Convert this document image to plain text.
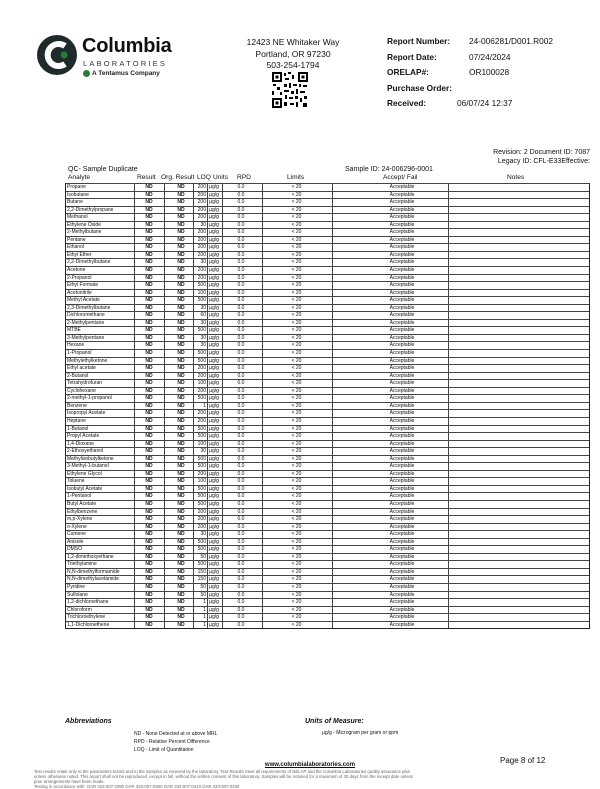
Columbia
LABORATORIES
A Tentamus Company
12423 NE Whitaker Way
Portland, OR 97230
503-254-1794
Report Number: 24-006281/D001.R002
Report Date:	07/24/2024
ORELAP#:	OR100028
Purchase Order:
Received:	06/07/24 12:37
Revision: 2 Document ID: 7087
Legacy ID: CFL-E33Effective:
QC- Sample Duplicate	Sample ID: 24-006296-0001
Analyte	Result Org. Result LOQ Units RPD	Limits	Accept/ Fail	Notes
Propane	ND	ND	200 µg/g	0.0	< 20	Acceptable
Isobutane	ND	ND	200 µg/g	0.0	< 20	Acceptable
Butane	ND	ND	200 µg/g	0.0	< 20	Acceptable
2,2-Dimethylpropane	ND	ND	200 µg/g	0.0	< 20	Acceptable
Methanol	ND	ND	200 µg/g	0.0	< 20	Acceptable
Ethylene Oxide	ND	ND	30 µg/g	0.0	< 20	Acceptable
2-Methylbutane	ND	ND	200 µg/g	0.0	< 20	Acceptable
Pentane	ND	ND	200 µg/g	0.0	< 20	Acceptable
Ethanol	ND	ND	200 µg/g	0.0	< 20	Acceptable
Ethyl Ether	ND	ND	200 µg/g	0.0	< 20	Acceptable
2,2-Dimethylbutane	ND	ND	30 µg/g	0.0	< 20	Acceptable
Acetone	ND	ND	200 µg/g	0.0	< 20	Acceptable
2-Propanol	ND	ND	200 µg/g	0.0	< 20	Acceptable
Ethyl Formate	ND	ND	500 µg/g	0.0	< 20	Acceptable
Acetonitrile	ND	ND	100 µg/g	0.0	< 20	Acceptable
Methyl Acetate	ND	ND	500 µg/g	0.0	< 20	Acceptable
2,3-Dimethylbutane	ND	ND	30 µg/g	0.0	< 20	Acceptable
Dichloromethane	ND	ND	60 µg/g	0.0	< 20	Acceptable
2-Methylpentane	ND	ND	30 µg/g	0.0	< 20	Acceptable
MTBE	ND	ND	500 µg/g	0.0	< 20	Acceptable
3-Methylpentane	ND	ND	30 µg/g	0.0	< 20	Acceptable
Hexane	ND	ND	30 µg/g	0.0	< 20	Acceptable
1-Propanol	ND	ND	500 µg/g	0.0	< 20	Acceptable
Methylethylketone	ND	ND	500 µg/g	0.0	< 20	Acceptable
Ethyl acetate	ND	ND	200 µg/g	0.0	< 20	Acceptable
2-Butanol	ND	ND	200 µg/g	0.0	< 20	Acceptable
Tetrahydrofuran	ND	ND	100 µg/g	0.0	< 20	Acceptable
Cyclohexane	ND	ND	200 µg/g	0.0	< 20	Acceptable
2-methyl-1-propanol	ND	ND	500 µg/g	0.0	< 20	Acceptable
Benzene	ND	ND	1 µg/g	0.0	< 20	Acceptable
Isopropyl Acetate	ND	ND	200 µg/g	0.0	< 20	Acceptable
Heptane	ND	ND	200 µg/g	0.0	< 20	Acceptable
1-Butanol	ND	ND	500 µg/g	0.0	< 20	Acceptable
Propyl Acetate	ND	ND	500 µg/g	0.0	< 20	Acceptable
1,4-Dioxane	ND	ND	100 µg/g	0.0	< 20	Acceptable
2-Ethoxyethanol	ND	ND	30 µg/g	0.0	< 20	Acceptable
Methylisobutylketone	ND	ND	500 µg/g	0.0	< 20	Acceptable
3-Methyl-1-butanol	ND	ND	500 µg/g	0.0	< 20	Acceptable
Ethylene Glycol	ND	ND	200 µg/g	0.0	< 20	Acceptable
Toluene	ND	ND	100 µg/g	0.0	< 20	Acceptable
Isobutyl Acetate	ND	ND	500 µg/g	0.0	< 20	Acceptable
1-Pentanol	ND	ND	500 µg/g	0.0	< 20	Acceptable
Butyl Acetate	ND	ND	500 µg/g	0.0	< 20	Acceptable
Ethylbenzene	ND	ND	200 µg/g	0.0	< 20	Acceptable
m,p-Xylene	ND	ND	200 µg/g	0.0	< 20	Acceptable
o-Xylene	ND	ND	200 µg/g	0.0	< 20	Acceptable
Cumene	ND	ND	30 µg/g	0.0	< 20	Acceptable
Anisole	ND	ND	500 µg/g	0.0	< 20	Acceptable
DMSO	ND	ND	500 µg/g	0.0	< 20	Acceptable
1,2-dimethoxyethane	ND	ND	50 µg/g	0.0	< 20	Acceptable
Triethylamine	ND	ND	500 µg/g	0.0	< 20	Acceptable
N,N-dimethylformamide	ND	ND	150 µg/g	0.0	< 20	Acceptable
N,N-dimethylacetamide	ND	ND	150 µg/g	0.0	< 20	Acceptable
Pyridine	ND	ND	50 µg/g	0.0	< 20	Acceptable
Sulfolane	ND	ND	50 µg/g	0.0	< 20	Acceptable
1,2-dichloroethane	ND	ND	1 µg/g	0.0	< 20	Acceptable
Chloroform	ND	ND	1 µg/g	0.0	< 20	Acceptable
Trichloroethylene	ND	ND	1 µg/g	0.0	< 20	Acceptable
1,1-Dichloroethene	ND	ND	1 µg/g	0.0	< 20	Acceptable
Abbreviations
ND - None Detected at or above MRL
RPD - Relative Percent Difference
LOQ - Limit of Quantitation
Units of Measure:
µg/g - Microgram per gram or ppm
Page 8 of 12
www.columbialaboratories.com
Test results relate only to the parameters tested and to the samples as received by the laboratory. Test Results meet all requirements of NELAP and the Columbia Laboratories quality assurance plan
unless otherwise noted. This report shall not be reproduced, except in full, without the written consent of this laboratory. Samples will be retained for a maximum of 30 days from the receipt date unless
prior arrangements have been made.
Testing in accordance with: OAR 333-007-0390 OAR 333-007-0400 OAR 333-007-0410 OAR 333-007-0430
